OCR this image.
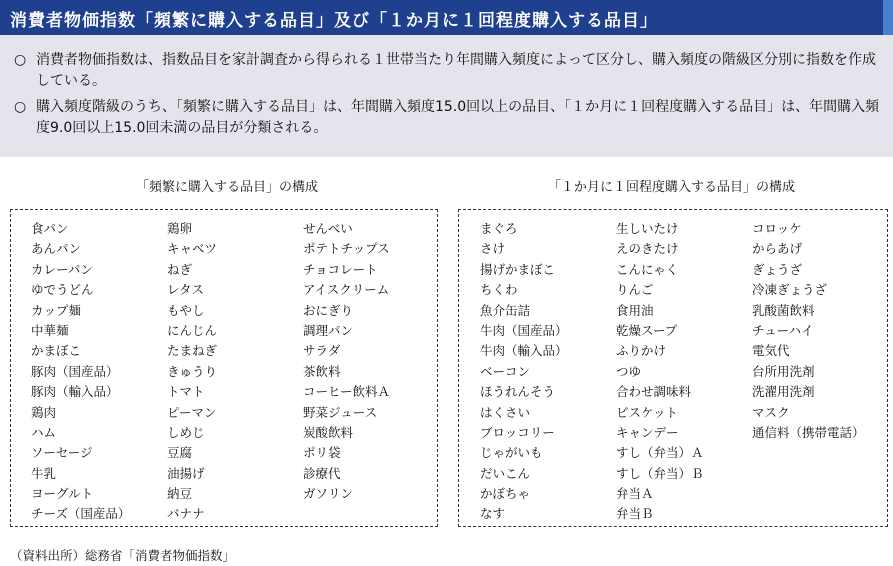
消費者物価指数「頻繁に購入する品目」及び「１か月に１回程度購入する品目」
○ 消費者物価指数は、指数品目を家計調査から得られる１世帯当たり年間購入頻度によって区分し、購入頻度の階級区分別に指数を作成している。
○ 購入頻度階級のうち、「頻繁に購入する品目」は、年間購入頻度15.0回以上の品目、「１か月に１回程度購入する品目」は、年間購入頻度9.0回以上15.0回未満の品目が分類される。
「頻繁に購入する品目」の構成	「１か月に１回程度購入する品目」の構成
食パン
あんパン
カレーパン
ゆでうどん
カップ麺
中華麺
かまぼこ
豚肉（国産品）
豚肉（輸入品）
鶏肉
ハム
ソーセージ
牛乳
ヨーグルト
チーズ（国産品）
鶏卵
キャベツ
ねぎ
レタス
もやし
にんじん
たまねぎ
きゅうり
トマト
ピーマン
しめじ
豆腐
油揚げ
納豆
バナナ
せんべい
ポテトチップス
チョコレート
アイスクリーム
おにぎり
調理パン
サラダ
茶飲料
コーヒー飲料Ａ
野菜ジュース
炭酸飲料
ポリ袋
診療代
ガソリン
まぐろ
さけ
揚げかまぼこ
ちくわ
魚介缶詰
牛肉（国産品）
牛肉（輸入品）
ベーコン
ほうれんそう
はくさい
ブロッコリー
じゃがいも
だいこん
かぼちゃ
なす
生しいたけ
えのきたけ
こんにゃく
りんご
食用油
乾燥スープ
ふりかけ
つゆ
合わせ調味料
ビスケット
キャンデー
すし（弁当）Ａ
すし（弁当）Ｂ
弁当Ａ
弁当Ｂ
コロッケ
からあげ
ぎょうざ
冷凍ぎょうざ
乳酸菌飲料
チューハイ
電気代
台所用洗剤
洗濯用洗剤
マスク
通信料（携帯電話）
（資料出所）総務省「消費者物価指数」
